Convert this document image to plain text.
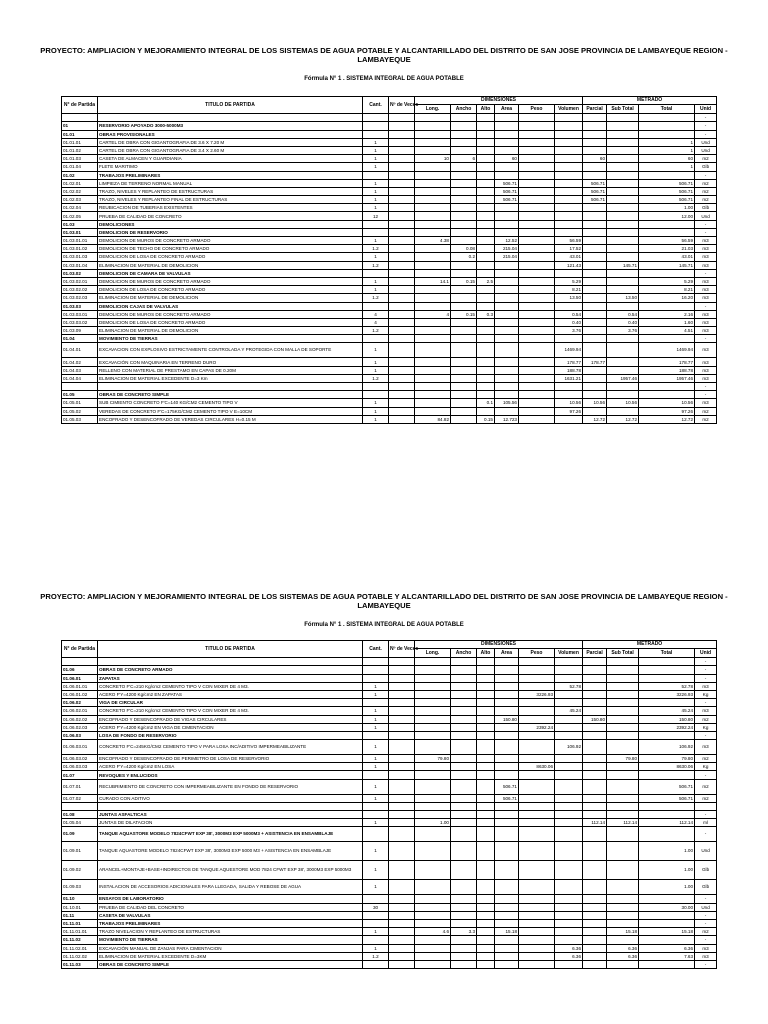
PROYECTO: AMPLIACION Y MEJORAMIENTO INTEGRAL DE LOS SISTEMAS DE AGUA POTABLE Y ALCANTARILLADO DEL DISTRITO DE SAN JOSE PROVINCIA DE LAMBAYEQUE REGION - LAMBAYEQUE
Fórmula N° 1 . SISTEMA INTEGRAL DE AGUA POTABLE
N° de Partida	TITULO DE PARTIDA	Cant.	Nº de Veces	DIMENSIONES						METRADO			
				Long.	Ancho	Alto	Area	Peso	Volumen	Parcial	Sub Total	Total	Unid
													-
01	RESERVORIO APOYADO 3000-5000M3												-
01.01	OBRAS PROVISIONALES												-
01.01.01	CARTEL DE OBRA CON GIGANTOGRAFIA DE 3.6 X 7.20 M	1										1	Und
01.01.02	CARTEL DE OBRA CON GIGANTOGRAFIA DE 3.4 X 2.60 M	1										1	Und
01.01.03	CASETA DE ALMACEN Y GUARDIANIA	1		10	6		60			60		60	m2
01.01.04	FLETE MARITIMO	1										1	Glb
01.02	TRABAJOS PRELIMINARES												-
01.02.01	LIMPIEZA DE TERRENO NORMAL MANUAL	1					506.71			506.71		506.71	m2
01.02.02	TRAZO, NIVELES Y REPLANTEO DE ESTRUCTURAS	1					506.71			506.71		506.71	m2
01.02.03	TRAZO, NIVELES Y REPLANTEO FINAL DE ESTRUCTURAS	1					506.71			506.71		506.71	m2
01.02.04	REUBICACION DE TUBERIAS EXISTENTES	1										1.00	Glb
01.02.05	PRUEBA DE CALIDAD DE CONCRETO	12										12.00	Und
01.03	DEMOLICIONES												-
01.03.01	DEMOLICION DE RESERVORIO												-
01.03.01.01	DEMOLICION DE MUROS DE CONCRETO ARMADO	1		4.38			12.52		56.59			56.59	m3
01.03.01.02	DEMOLICION DE TECHO DE CONCRETO ARMADO	1.2			0.08		215.04		17.52			21.03	m3
01.03.01.03	DEMOLICION DE LOSA DE CONCRETO ARMADO	1			0.2		215.04		43.01			43.01	m3
01.03.01.04	ELIMINACION DE MATERIAL DE DEMOLICION	1.2							121.43		145.71	145.71	m3
01.03.02	DEMOLICION DE CAMARA DE VALVULAS												-
01.03.02.01	DEMOLICION DE MUROS DE CONCRETO ARMADO	1		14.1	0.15	2.5			5.29			5.29	m3
01.03.02.02	DEMOLICION DE LOSA DE CONCRETO ARMADO	1							8.21			8.21	m3
01.03.02.03	ELIMINACION DE MATERIAL DE DEMOLICION	1.2							13.50		13.50	16.20	m3
01.03.03	DEMOLICION CAJAS DE VALVULAS												-
01.03.03.01	DEMOLICION DE MUROS DE CONCRETO ARMADO	4		4	0.15	0.3			0.54		0.54	2.16	m3
01.03.03.02	DEMOLICION DE LOSA DE CONCRETO ARMADO	4							0.40		0.40	1.60	m3
01.03.09	ELIMINACION DE MATERIAL DE DEMOLICION	1.2							3.76		3.76	4.51	m3
01.04	MOVIMIENTO DE TIERRAS												-
01.04.01	EXCAVACION CON EXPLOSIVO ESTRICTAMENTE CONTROLADA Y PROTEGIDA CON MALLA DE SOPORTE	1							1469.94			1469.94	m3
01.04.02	EXCAVACIÓN CON MAQUINARIA EN TERRENO DURO	1							178.77	178.77		178.77	m3
01.04.03	RELLENO CON MATERIAL DE PRESTAMO EN CAPAS DE 0.20M	1							188.78			188.78	m3
01.04.04	ELIMINACION DE MATERIAL EXCEDENTE D=3 Km	1.2							1631.21		1957.46	1957.46	m3
													-
01.05	OBRAS DE CONCRETO SIMPLE												-
01.05.01	SUB CIMIENTO CONCRETO F'C=140 KG/CM2 CEMENTO TIPO V	1				0.1	105.56		10.56	10.56	10.56	10.56	m3
01.05.02	VEREDAS DE CONCRETO F'C=175KG/CM2 CEMENTO TIPO V E=10CM	1							97.26			97.26	m2
01.05.03	ENCOFRADO Y DESENCOFRADO DE VEREDAS CIRCULARES H=0.15 M	1		84.82		0.15	12.723			12.72	12.72	12.72	m2
PROYECTO: AMPLIACION Y MEJORAMIENTO INTEGRAL DE LOS SISTEMAS DE AGUA POTABLE Y ALCANTARILLADO DEL DISTRITO DE SAN JOSE PROVINCIA DE LAMBAYEQUE REGION - LAMBAYEQUE
Fórmula N° 1 . SISTEMA INTEGRAL DE AGUA POTABLE
N° de Partida	TITULO DE PARTIDA	Cant.	Nº de Veces	DIMENSIONES						METRADO			
				Long.	Ancho	Alto	Area	Peso	Volumen	Parcial	Sub Total	Total	Unid
													-
01.06	OBRAS DE CONCRETO ARMADO												-
01.06.01	ZAPATAS												-
01.06.01.01	CONCRETO F'C=210 Kg/cm2 CEMENTO TIPO V CON MIXER DE 4 M3.	1							52.78			52.78	m3
01.06.01.02	ACERO F'Y=4200 Kg/cm2 EN ZAPATAS	1						3226.93				3226.93	Kg
01.06.02	VIGA DE CIRCULAR												-
01.06.02.01	CONCRETO F'C=210 Kg/cm2 CEMENTO TIPO V CON MIXER DE 4 M3.	1							45.24			45.24	m3
01.06.02.02	ENCOFRADO Y DESENCOFRADO DE VIGAS CIRCULARES	1					150.80			150.80		150.80	m2
01.06.02.03	ACERO F'Y=4200 Kg/cm2 EN VIGA DE CIMENTACION	1						2392.24				2392.24	Kg
01.06.03	LOSA DE FONDO DE RESERVORIO												-
01.06.03.01	CONCRETO F'C=245KG/CM2 CEMENTO TIPO V PARA LOSA INC/ADITIVO IMPERMEABILIZANTE	1							106.92			106.92	m3
01.06.03.02	ENCOFRADO Y DESENCOFRADO DE PERIMETRO DE LOSA DE RESERVORIO	1		79.80							79.80	79.80	m2
01.06.03.03	ACERO F'Y=4200 Kg/cm2 EN LOSA	1						8630.06				8630.06	Kg
01.07	REVOQUES Y ENLUCIDOS												-
01.07.01	RECUBRIMIENTO DE CONCRETO CON IMPERMEABILIZANTE EN FONDO DE RESERVORIO	1					506.71					506.71	m2
01.07.02	CURADO CON ADITIVO	1					506.71					506.71	m2

01.08	JUNTAS ASFALTICAS												-
01.05.04	JUNTAS DE DILATACION	1		1.00						112.14	112.14	112.14	ml
01.09	TANQUE AQUASTORE MODELO 7824CFWT EXP 38', 3000M3 EXP 5000M3 + ASISTENCIA EN ENSAMBLAJE												-
01.09.01	TANQUE AQUASTORE MODELO 7824CFWT EXP 38', 3000M3 EXP 5000 M3 + ASISTENCIA EN ENSAMBLAJE	1										1.00	Und
01.09.02	ARANCEL+MONTAJE+BASE+INDIRECTOS DE TANQUE AQUESTORE MOD 7824 CFWT EXP 38', 3000M3 EXP 5000M3	1										1.00	Glb
01.09.03	INSTALACION DE ACCESORIOS ADICIONALES PARA LLEGADA, SALIDA Y REBOSE DE AGUA	1										1.00	Glb
01.10	ENSAYOS DE LABORATORIO												-
01.10.01	PRUEBA DE CALIDAD DEL CONCRETO	30										30.00	Und
01.11	CASETA DE VALVULAS												-
01.11.01	TRABAJOS PRELIMINARES												-
01.11.01.01	TRAZO NIVELACION Y REPLANTEO DE ESTRUCTURAS	1		4.6	3.3		15.18				15.18	15.18	m2
01.11.02	MOVIMIENTO DE TIERRAS												-
01.11.02.01	EXCAVACIÓN MANUAL DE ZANJAS PARA CIMENTACION	1							6.36		6.36	6.36	m3
01.11.02.02	ELIMINACION DE MATERIAL EXCEDENTE D=3KM	1.2							6.36		6.36	7.63	m3
01.11.03	OBRAS DE CONCRETO SIMPLE												-
